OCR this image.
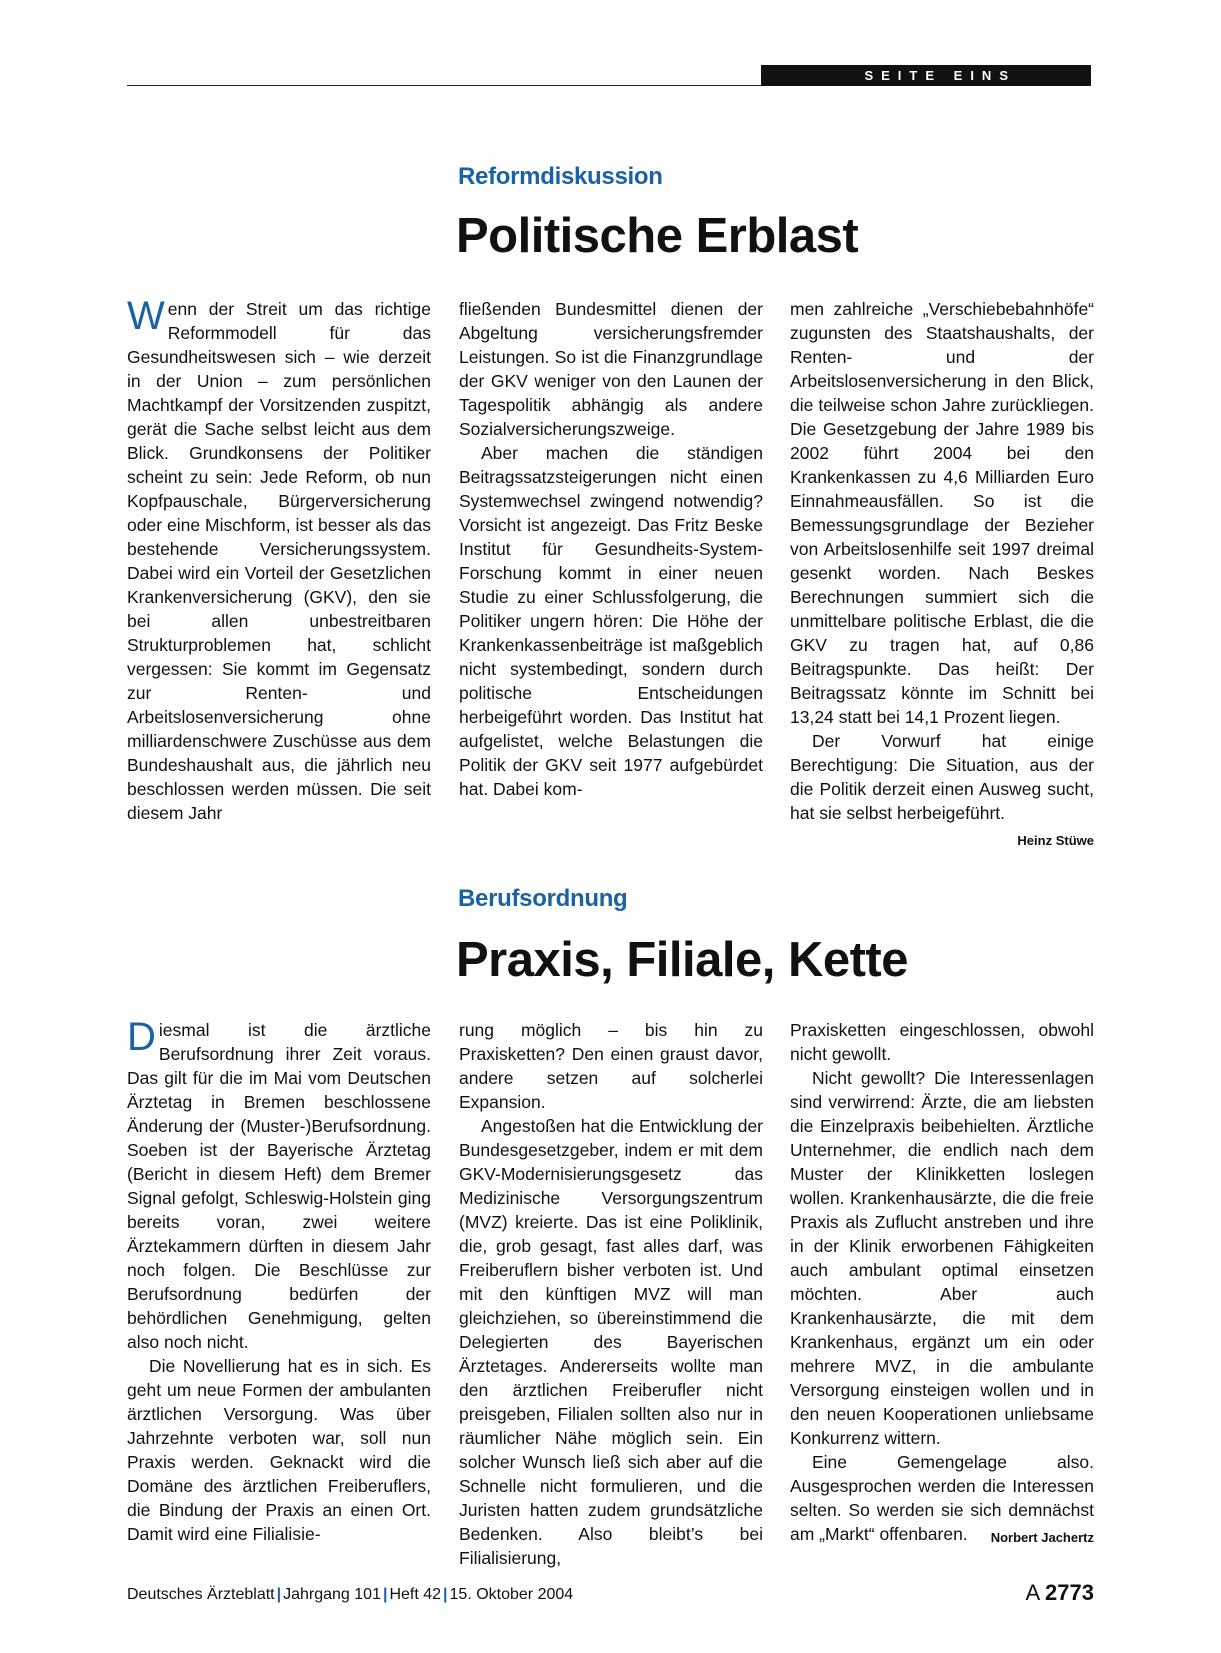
SEITE EINS
Reformdiskussion
Politische Erblast

Wenn der Streit um das richtige Reformmodell für das Gesundheitswesen sich – wie derzeit in der Union – zum persönlichen Machtkampf der Vorsitzenden zuspitzt, gerät die Sache selbst leicht aus dem Blick. Grundkonsens der Politiker scheint zu sein: Jede Reform, ob nun Kopfpauschale, Bürgerversicherung oder eine Mischform, ist besser als das bestehende Versicherungssystem. Dabei wird ein Vorteil der Gesetzlichen Krankenversicherung (GKV), den sie bei allen unbestreitbaren Strukturproblemen hat, schlicht vergessen: Sie kommt im Gegensatz zur Renten- und Arbeitslosenversicherung ohne milliardenschwere Zuschüsse aus dem Bundeshaushalt aus, die jährlich neu beschlossen werden müssen. Die seit diesem Jahr

fließenden Bundesmittel dienen der Abgeltung versicherungsfremder Leistungen. So ist die Finanzgrundlage der GKV weniger von den Launen der Tagespolitik abhängig als andere Sozialversicherungszweige.

Aber machen die ständigen Beitragssatzsteigerungen nicht einen Systemwechsel zwingend notwendig? Vorsicht ist angezeigt. Das Fritz Beske Institut für Gesundheits-System-Forschung kommt in einer neuen Studie zu einer Schlussfolgerung, die Politiker ungern hören: Die Höhe der Krankenkassenbeiträge ist maßgeblich nicht systembedingt, sondern durch politische Entscheidungen herbeigeführt worden. Das Institut hat aufgelistet, welche Belastungen die Politik der GKV seit 1977 aufgebürdet hat. Dabei kom-

men zahlreiche „Verschiebebahnhöfe“ zugunsten des Staatshaushalts, der Renten- und der Arbeitslosenversicherung in den Blick, die teilweise schon Jahre zurückliegen. Die Gesetzgebung der Jahre 1989 bis 2002 führt 2004 bei den Krankenkassen zu 4,6 Milliarden Euro Einnahmeausfällen. So ist die Bemessungsgrundlage der Bezieher von Arbeitslosenhilfe seit 1997 dreimal gesenkt worden. Nach Beskes Berechnungen summiert sich die unmittelbare politische Erblast, die die GKV zu tragen hat, auf 0,86 Beitragspunkte. Das heißt: Der Beitragssatz könnte im Schnitt bei 13,24 statt bei 14,1 Prozent liegen.

Der Vorwurf hat einige Berechtigung: Die Situation, aus der die Politik derzeit einen Ausweg sucht, hat sie selbst herbeigeführt.
Heinz Stüwe

Berufsordnung
Praxis, Filiale, Kette

Diesmal ist die ärztliche Berufsordnung ihrer Zeit voraus. Das gilt für die im Mai vom Deutschen Ärztetag in Bremen beschlossene Änderung der (Muster-)Berufsordnung. Soeben ist der Bayerische Ärztetag (Bericht in diesem Heft) dem Bremer Signal gefolgt, Schleswig-Holstein ging bereits voran, zwei weitere Ärztekammern dürften in diesem Jahr noch folgen. Die Beschlüsse zur Berufsordnung bedürfen der behördlichen Genehmigung, gelten also noch nicht.

Die Novellierung hat es in sich. Es geht um neue Formen der ambulanten ärztlichen Versorgung. Was über Jahrzehnte verboten war, soll nun Praxis werden. Geknackt wird die Domäne des ärztlichen Freiberuflers, die Bindung der Praxis an einen Ort. Damit wird eine Filialisie-

rung möglich – bis hin zu Praxisketten? Den einen graust davor, andere setzen auf solcherlei Expansion.

Angestoßen hat die Entwicklung der Bundesgesetzgeber, indem er mit dem GKV-Modernisierungsgesetz das Medizinische Versorgungszentrum (MVZ) kreierte. Das ist eine Poliklinik, die, grob gesagt, fast alles darf, was Freiberuflern bisher verboten ist. Und mit den künftigen MVZ will man gleichziehen, so übereinstimmend die Delegierten des Bayerischen Ärztetages. Andererseits wollte man den ärztlichen Freiberufler nicht preisgeben, Filialen sollten also nur in räumlicher Nähe möglich sein. Ein solcher Wunsch ließ sich aber auf die Schnelle nicht formulieren, und die Juristen hatten zudem grundsätzliche Bedenken. Also bleibt’s bei Filialisierung,

Praxisketten eingeschlossen, obwohl nicht gewollt.

Nicht gewollt? Die Interessenlagen sind verwirrend: Ärzte, die am liebsten die Einzelpraxis beibehielten. Ärztliche Unternehmer, die endlich nach dem Muster der Klinikketten loslegen wollen. Krankenhausärzte, die die freie Praxis als Zuflucht anstreben und ihre in der Klinik erworbenen Fähigkeiten auch ambulant optimal einsetzen möchten. Aber auch Krankenhausärzte, die mit dem Krankenhaus, ergänzt um ein oder mehrere MVZ, in die ambulante Versorgung einsteigen wollen und in den neuen Kooperationen unliebsame Konkurrenz wittern.

Eine Gemengelage also. Ausgesprochen werden die Interessen selten. So werden sie sich demnächst am „Markt“ offenbaren.	Norbert Jachertz

Deutsches Ärzteblatt | Jahrgang 101 | Heft 42 | 15. Oktober 2004	A 2773
